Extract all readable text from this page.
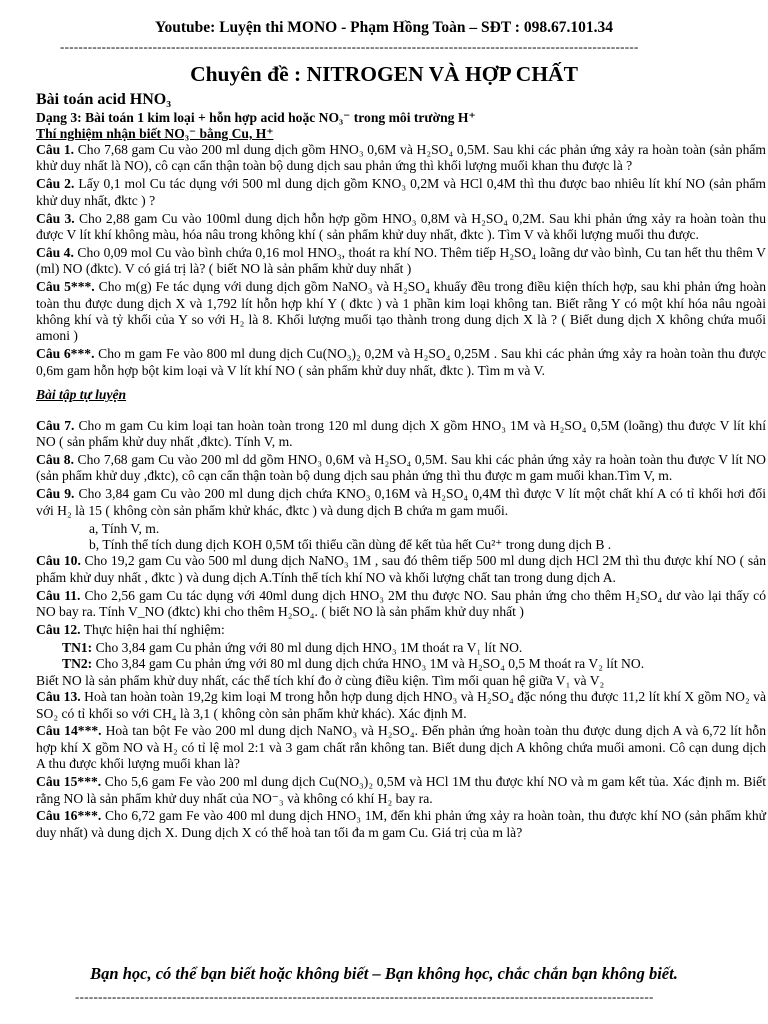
Youtube: Luyện thi MONO - Phạm Hồng Toàn – SĐT : 098.67.101.34
-----------------------------------------------------------------------------------------------------------------------------
Chuyên đề : NITROGEN VÀ HỢP CHẤT
Bài toán acid HNO₃
Dạng 3: Bài toán 1 kim loại + hỗn hợp acid hoặc NO₃⁻ trong môi trường H⁺
Thí nghiệm nhận biết NO₃⁻ bằng Cu, H⁺

Câu 1. Cho 7,68 gam Cu vào 200 ml dung dịch gồm HNO₃ 0,6M và H₂SO₄ 0,5M. Sau khi các phản ứng xảy ra hoàn toàn (sản phẩm khử duy nhất là NO), cô cạn cẩn thận toàn bộ dung dịch sau phản ứng thì khối lượng muối khan thu được là ?

Câu 2. Lấy 0,1 mol Cu tác dụng với 500 ml dung dịch gồm KNO₃ 0,2M và HCl 0,4M thì thu được bao nhiêu lít khí NO (sản phẩm khử duy nhất, đktc ) ?

Câu 3. Cho 2,88 gam Cu vào 100ml dung dịch hỗn hợp gồm HNO₃ 0,8M và H₂SO₄ 0,2M. Sau khi phản ứng xảy ra hoàn toàn thu được V lít khí không màu, hóa nâu trong không khí ( sản phẩm khử duy nhất, đktc ). Tìm V và khối lượng muối thu được.

Câu 4. Cho 0,09 mol Cu vào bình chứa 0,16 mol HNO₃, thoát ra khí NO. Thêm tiếp H₂SO₄ loãng dư vào bình, Cu tan hết thu thêm V (ml) NO (đktc). V có giá trị là? ( biết NO là sản phẩm khử duy nhất )

Câu 5***. Cho m(g) Fe tác dụng với dung dịch gồm NaNO₃ và H₂SO₄ khuấy đều trong điều kiện thích hợp, sau khi phản ứng hoàn toàn thu được dung dịch X và 1,792 lít hỗn hợp khí Y ( đktc ) và 1 phần kim loại không tan. Biết rằng Y có một khí hóa nâu ngoài không khí và tỷ khối của Y so với H₂ là 8. Khối lượng muối tạo thành trong dung dịch X là ? ( Biết dung dịch X không chứa muối amoni )

Câu 6***. Cho m gam Fe vào 800 ml dung dịch Cu(NO₃)₂ 0,2M và H₂SO₄ 0,25M . Sau khi các phản ứng xảy ra hoàn toàn thu được 0,6m gam hỗn hợp bột kim loại và V lít khí NO ( sản phẩm khử duy nhất, đktc ). Tìm m và V.

Bài tập tự luyện

Câu 7. Cho m gam Cu kim loại tan hoàn toàn trong 120 ml dung dịch X gồm HNO₃ 1M và H₂SO₄ 0,5M (loãng) thu được V lít khí NO ( sản phẩm khử duy nhất ,đktc). Tính V, m.

Câu 8. Cho 7,68 gam Cu vào 200 ml dd gồm HNO₃ 0,6M và H₂SO₄ 0,5M. Sau khi các phản ứng xảy ra hoàn toàn thu được V lít NO (sản phẩm khử duy ,đktc), cô cạn cẩn thận toàn bộ dung dịch sau phản ứng thì thu được m gam muối khan.Tìm V, m.

Câu 9. Cho 3,84 gam Cu vào 200 ml dung dịch chứa KNO₃ 0,16M và H₂SO₄ 0,4M thì được V lít một chất khí A có tỉ khối hơi đối với H₂ là 15 ( không còn sản phẩm khử khác, đktc ) và dung dịch B chứa m gam muối.

a, Tính V, m.
b, Tính thể tích dung dịch KOH 0,5M tối thiểu cần dùng để kết tủa hết Cu²⁺ trong dung dịch B .

Câu 10. Cho 19,2 gam Cu vào 500 ml dung dịch NaNO₃ 1M , sau đó thêm tiếp 500 ml dung dịch HCl 2M thì thu được khí NO ( sản phẩm khử duy nhất , đktc ) và dung dịch A.Tính thể tích khí NO và khối lượng chất tan trong dung dịch A.

Câu 11. Cho 2,56 gam Cu tác dụng với 40ml dung dịch HNO₃ 2M thu được NO. Sau phản ứng cho thêm H₂SO₄ dư vào lại thấy có NO bay ra. Tính V_NO (đktc) khi cho thêm H₂SO₄. ( biết NO là sản phẩm khử duy nhất )

Câu 12. Thực hiện hai thí nghiệm:

TN1: Cho 3,84 gam Cu phản ứng với 80 ml dung dịch HNO₃ 1M thoát ra V₁ lít NO.
TN2: Cho 3,84 gam Cu phản ứng với 80 ml dung dịch chứa HNO₃ 1M và H₂SO₄ 0,5 M thoát ra V₂ lít NO.
Biết NO là sản phẩm khử duy nhất, các thể tích khí đo ở cùng điều kiện. Tìm mối quan hệ giữa V₁ và V₂

Câu 13. Hoà tan hoàn toàn 19,2g kim loại M trong hỗn hợp dung dịch HNO₃ và H₂SO₄ đặc nóng thu được 11,2 lít khí X gồm NO₂ và SO₂ có tỉ khối so với CH₄ là 3,1 ( không còn sản phẩm khử khác). Xác định M.

Câu 14***. Hoà tan bột Fe vào 200 ml dung dịch NaNO₃ và H₂SO₄. Đến phản ứng hoàn toàn thu được dung dịch A và 6,72 lít hỗn hợp khí X gồm NO và H₂ có tỉ lệ mol 2:1 và 3 gam chất rắn không tan. Biết dung dịch A không chứa muối amoni. Cô cạn dung dịch A thu được khối lượng muối khan là?

Câu 15***. Cho 5,6 gam Fe vào 200 ml dung dịch Cu(NO₃)₂ 0,5M và HCl 1M thu được khí NO và m gam kết tủa. Xác định m. Biết rằng NO là sản phẩm khử duy nhất của NO⁻₃ và không có khí H₂ bay ra.

Câu 16***. Cho 6,72 gam Fe vào 400 ml dung dịch HNO₃ 1M, đến khi phản ứng xảy ra hoàn toàn, thu được khí NO (sản phẩm khử duy nhất) và dung dịch X. Dung dịch X có thể hoà tan tối đa m gam Cu. Giá trị của m là?

Bạn học, có thể bạn biết hoặc không biết – Bạn không học, chắc chắn bạn không biết.
-----------------------------------------------------------------------------------------------------------------------------
